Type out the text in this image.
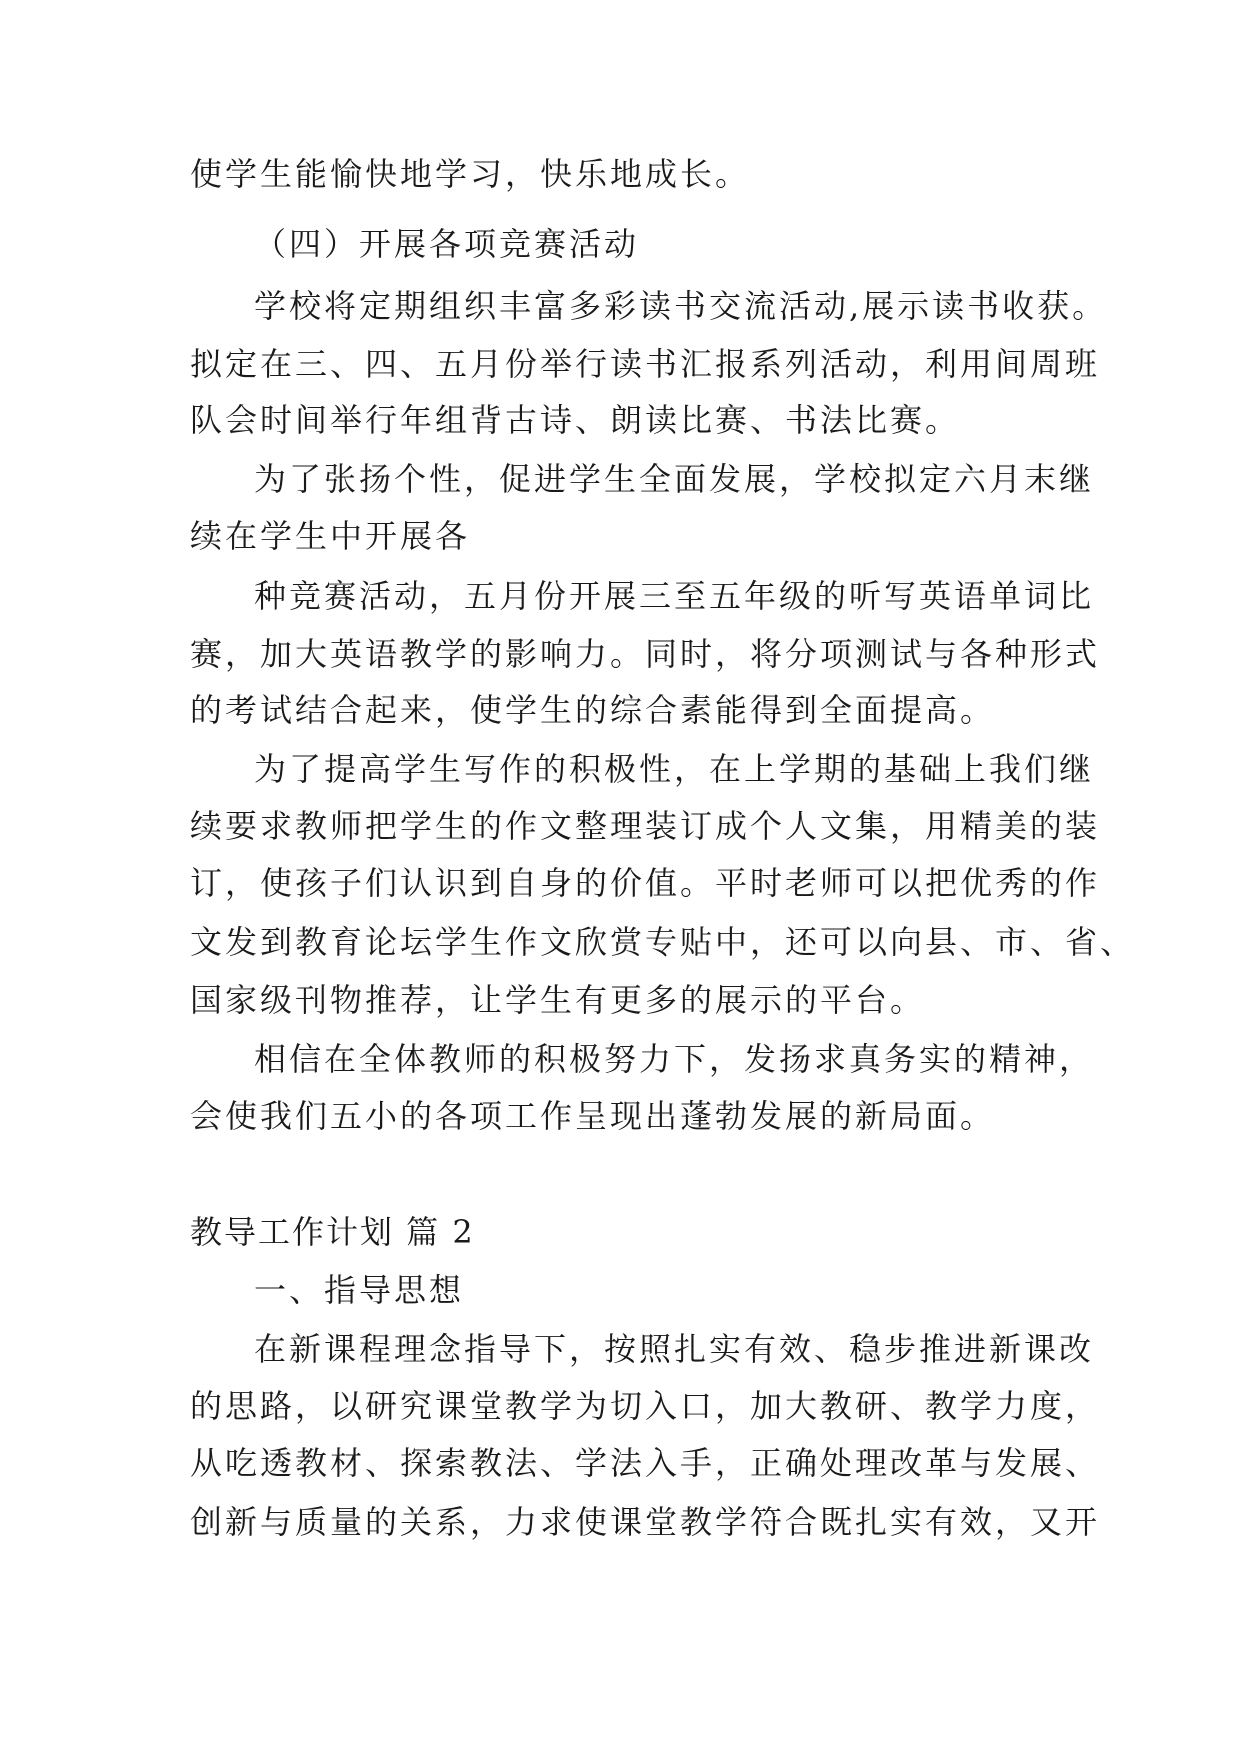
使学生能愉快地学习，快乐地成长。

（四）开展各项竞赛活动

学校将定期组织丰富多彩读书交流活动,展示读书收获。

拟定在三、四、五月份举行读书汇报系列活动，利用间周班

队会时间举行年组背古诗、朗读比赛、书法比赛。

为了张扬个性，促进学生全面发展，学校拟定六月末继

续在学生中开展各

种竞赛活动，五月份开展三至五年级的听写英语单词比

赛，加大英语教学的影响力。同时，将分项测试与各种形式

的考试结合起来，使学生的综合素能得到全面提高。

为了提高学生写作的积极性，在上学期的基础上我们继

续要求教师把学生的作文整理装订成个人文集，用精美的装

订，使孩子们认识到自身的价值。平时老师可以把优秀的作

文发到教育论坛学生作文欣赏专贴中，还可以向县、市、省、

国家级刊物推荐，让学生有更多的展示的平台。

相信在全体教师的积极努力下，发扬求真务实的精神，

会使我们五小的各项工作呈现出蓬勃发展的新局面。

教导工作计划 篇 2

一、指导思想

在新课程理念指导下，按照扎实有效、稳步推进新课改

的思路，以研究课堂教学为切入口，加大教研、教学力度，

从吃透教材、探索教法、学法入手，正确处理改革与发展、

创新与质量的关系，力求使课堂教学符合既扎实有效，又开
